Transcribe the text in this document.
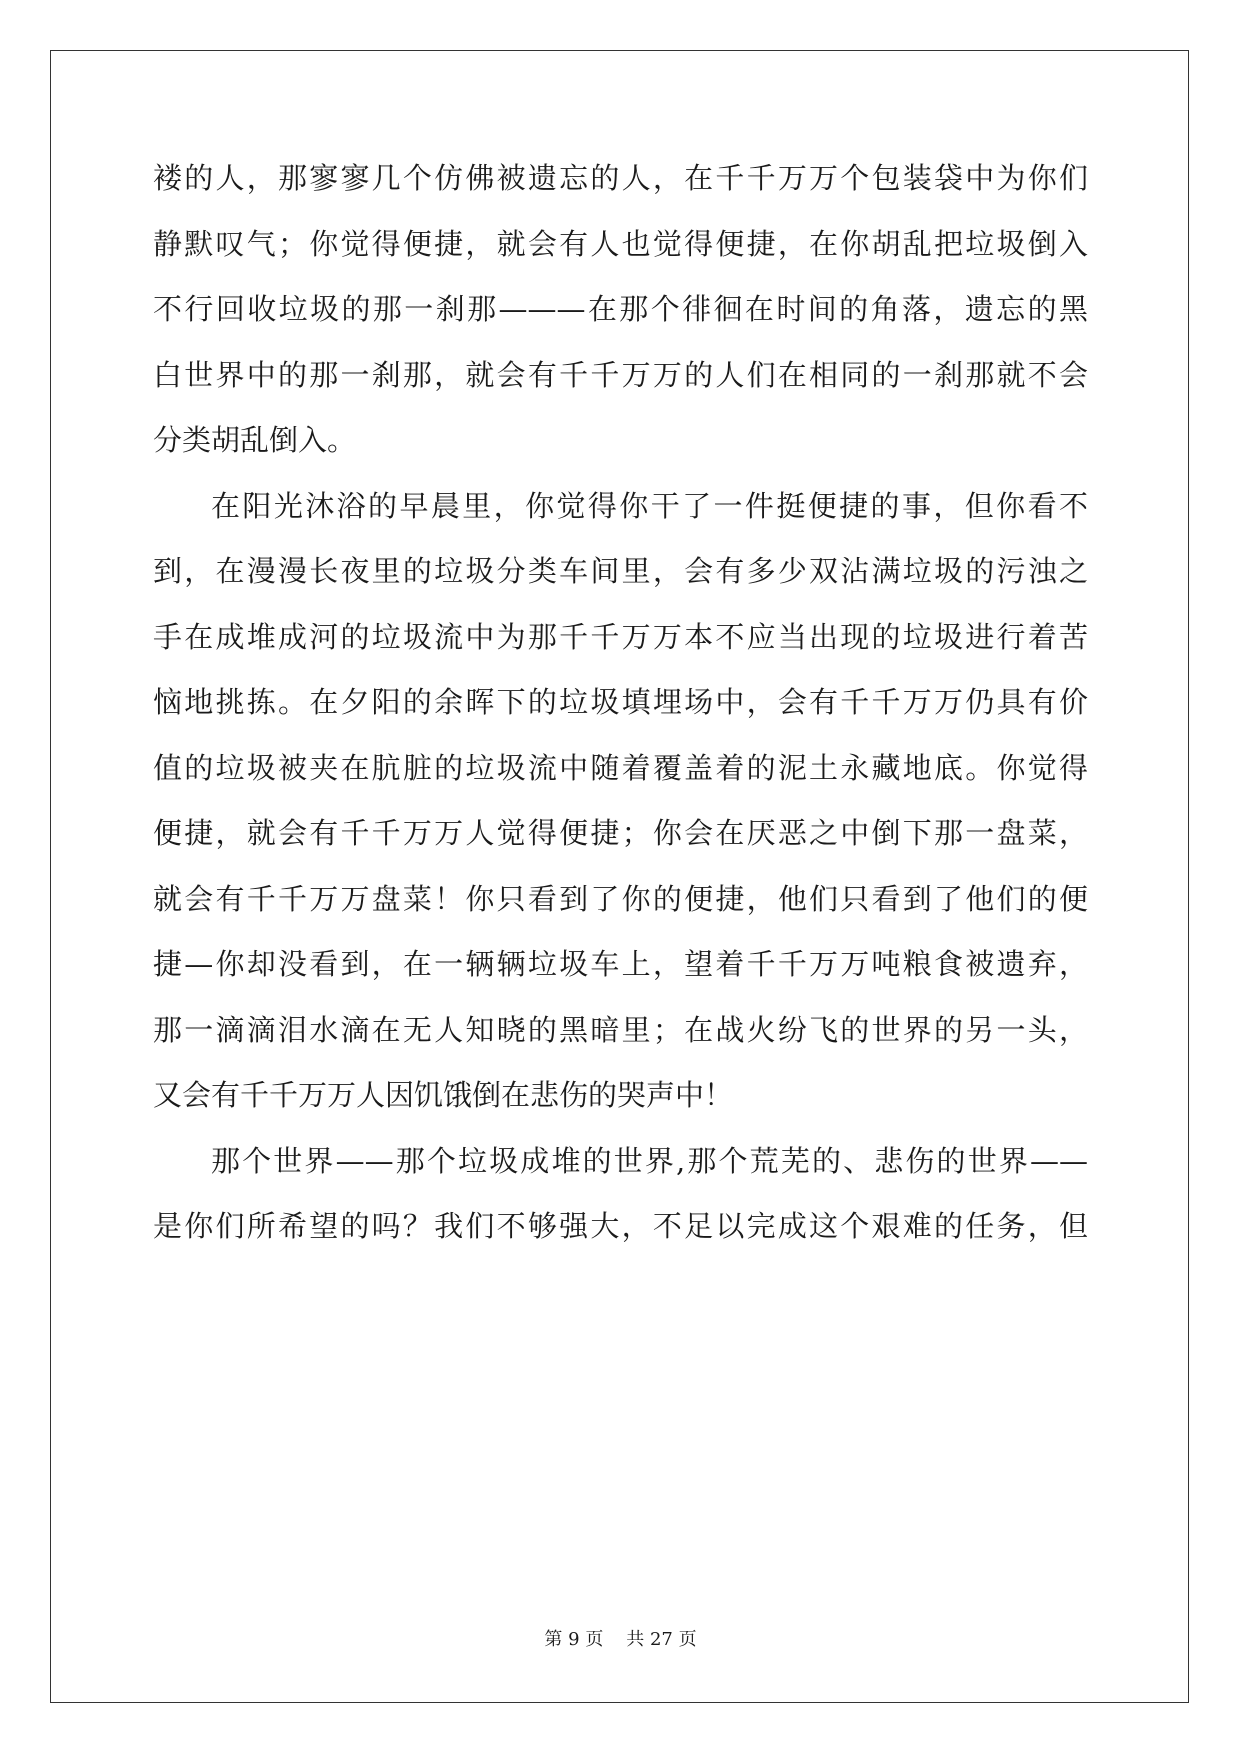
褛的人，那寥寥几个仿佛被遗忘的人，在千千万万个包装袋中为你们
静默叹气；你觉得便捷，就会有人也觉得便捷，在你胡乱把垃圾倒入
不行回收垃圾的那一刹那———在那个徘徊在时间的角落，遗忘的黑
白世界中的那一刹那，就会有千千万万的人们在相同的一刹那就不会
分类胡乱倒入。
在阳光沐浴的早晨里，你觉得你干了一件挺便捷的事，但你看不
到，在漫漫长夜里的垃圾分类车间里，会有多少双沾满垃圾的污浊之
手在成堆成河的垃圾流中为那千千万万本不应当出现的垃圾进行着苦
恼地挑拣。在夕阳的余晖下的垃圾填埋场中，会有千千万万仍具有价
值的垃圾被夹在肮脏的垃圾流中随着覆盖着的泥土永藏地底。你觉得
便捷，就会有千千万万人觉得便捷；你会在厌恶之中倒下那一盘菜，
就会有千千万万盘菜！你只看到了你的便捷，他们只看到了他们的便
捷—你却没看到，在一辆辆垃圾车上，望着千千万万吨粮食被遗弃，
那一滴滴泪水滴在无人知晓的黑暗里；在战火纷飞的世界的另一头，
又会有千千万万人因饥饿倒在悲伤的哭声中！
那个世界——那个垃圾成堆的世界,那个荒芜的、悲伤的世界——
是你们所希望的吗？我们不够强大，不足以完成这个艰难的任务，但
第 9 页 共 27 页
